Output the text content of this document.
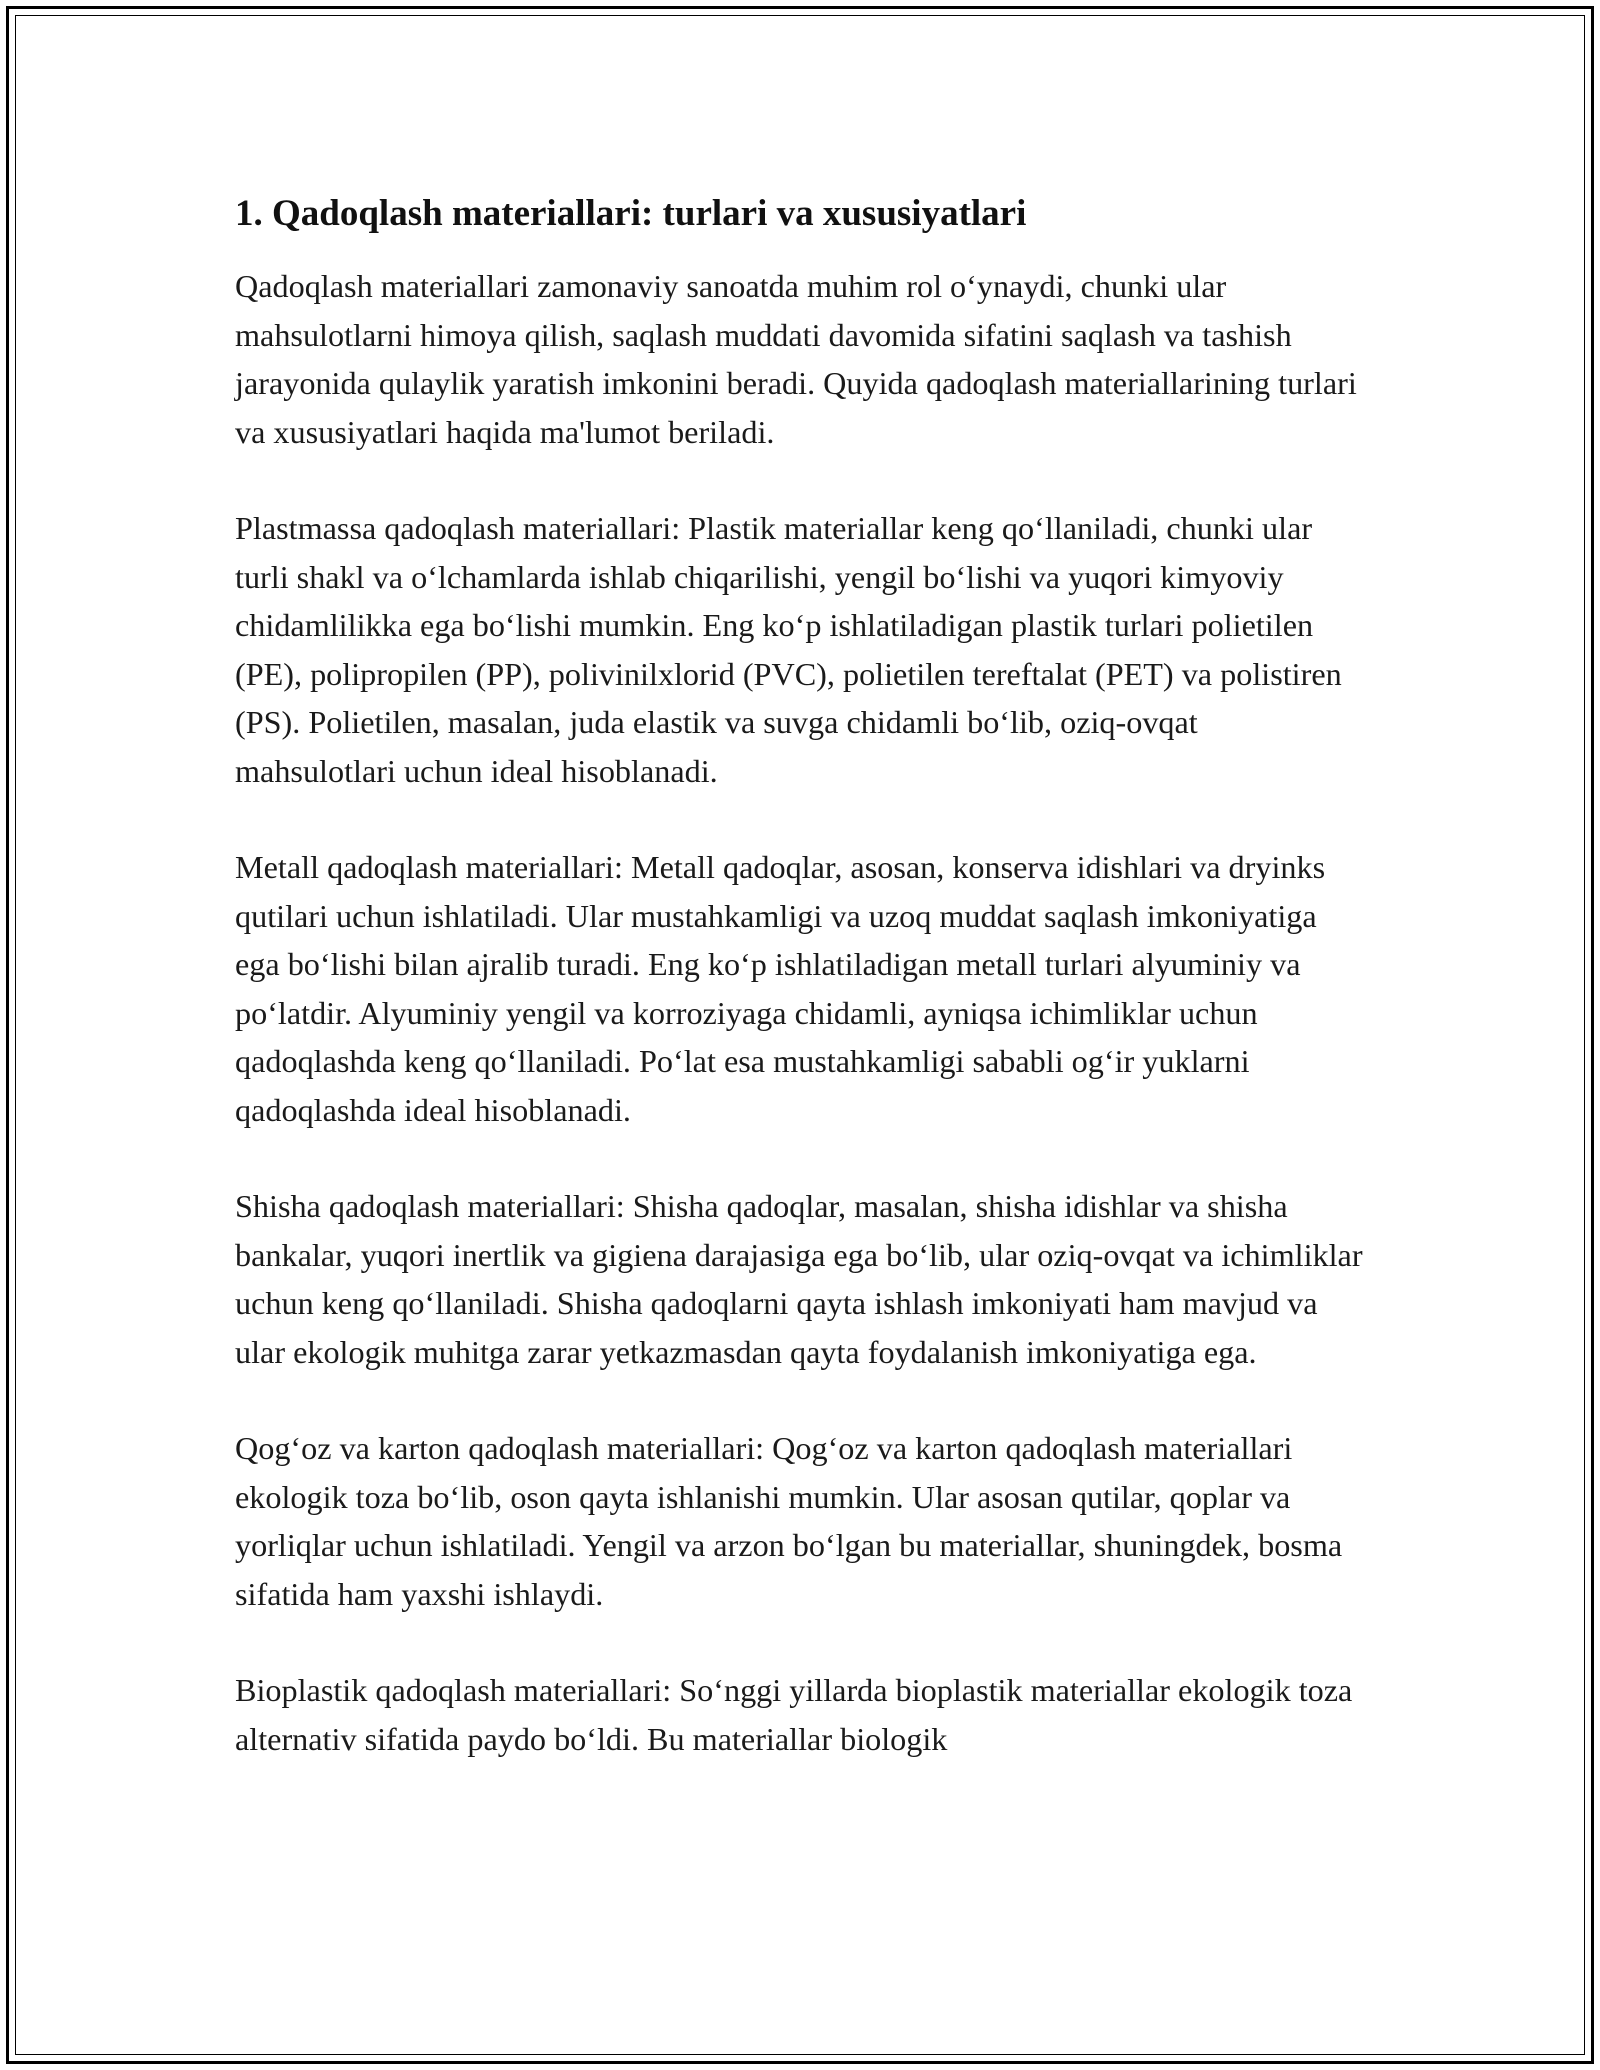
1. Qadoqlash materiallari: turlari va xususiyatlari

Qadoqlash materiallari zamonaviy sanoatda muhim rol o‘ynaydi, chunki ular mahsulotlarni himoya qilish, saqlash muddati davomida sifatini saqlash va tashish jarayonida qulaylik yaratish imkonini beradi. Quyida qadoqlash materiallarining turlari va xususiyatlari haqida ma'lumot beriladi.

Plastmassa qadoqlash materiallari: Plastik materiallar keng qo‘llaniladi, chunki ular turli shakl va o‘lchamlarda ishlab chiqarilishi, yengil bo‘lishi va yuqori kimyoviy chidamlilikka ega bo‘lishi mumkin. Eng ko‘p ishlatiladigan plastik turlari polietilen (PE), polipropilen (PP), polivinilxlorid (PVC), polietilen tereftalat (PET) va polistiren (PS). Polietilen, masalan, juda elastik va suvga chidamli bo‘lib, oziq-ovqat mahsulotlari uchun ideal hisoblanadi.

Metall qadoqlash materiallari: Metall qadoqlar, asosan, konserva idishlari va dryinks qutilari uchun ishlatiladi. Ular mustahkamligi va uzoq muddat saqlash imkoniyatiga ega bo‘lishi bilan ajralib turadi. Eng ko‘p ishlatiladigan metall turlari alyuminiy va po‘latdir. Alyuminiy yengil va korroziyaga chidamli, ayniqsa ichimliklar uchun qadoqlashda keng qo‘llaniladi. Po‘lat esa mustahkamligi sababli og‘ir yuklarni qadoqlashda ideal hisoblanadi.

Shisha qadoqlash materiallari: Shisha qadoqlar, masalan, shisha idishlar va shisha bankalar, yuqori inertlik va gigiena darajasiga ega bo‘lib, ular oziq-ovqat va ichimliklar uchun keng qo‘llaniladi. Shisha qadoqlarni qayta ishlash imkoniyati ham mavjud va ular ekologik muhitga zarar yetkazmasdan qayta foydalanish imkoniyatiga ega.

Qog‘oz va karton qadoqlash materiallari: Qog‘oz va karton qadoqlash materiallari ekologik toza bo‘lib, oson qayta ishlanishi mumkin. Ular asosan qutilar, qoplar va yorliqlar uchun ishlatiladi. Yengil va arzon bo‘lgan bu materiallar, shuningdek, bosma sifatida ham yaxshi ishlaydi.

Bioplastik qadoqlash materiallari: So‘nggi yillarda bioplastik materiallar ekologik toza alternativ sifatida paydo bo‘ldi. Bu materiallar biologik
